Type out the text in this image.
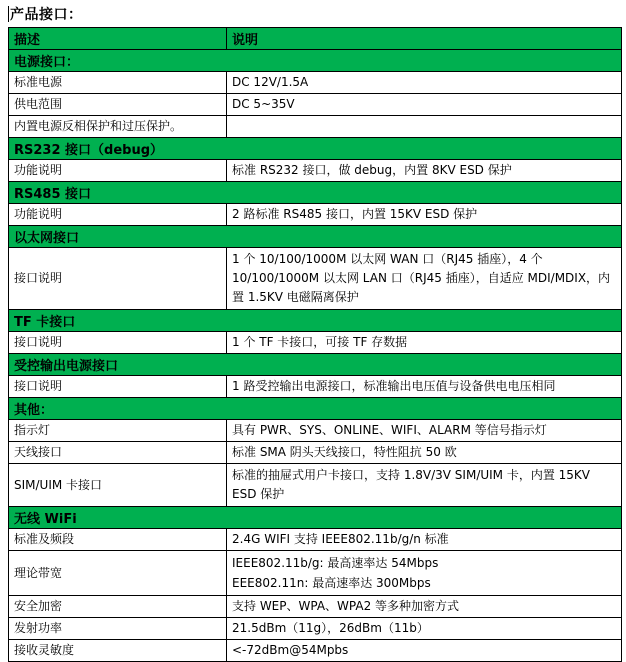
产品接口：
描述	说明
电源接口：	
标准电源	DC 12V/1.5A
供电范围	DC 5~35V
内置电源反相保护和过压保护。	
RS232 接口（debug）	
功能说明	标准 RS232 接口，做 debug，内置 8KV ESD 保护
RS485 接口	
功能说明	2 路标准 RS485 接口，内置 15KV ESD 保护
以太网接口	
接口说明	1 个 10/100/1000M 以太网 WAN 口（RJ45 插座），4 个 10/100/1000M 以太网 LAN 口（RJ45 插座），自适应 MDI/MDIX，内置 1.5KV 电磁隔离保护
TF 卡接口	
接口说明	1 个 TF 卡接口，可接 TF 存数据
受控输出电源接口	
接口说明	1 路受控输出电源接口，标准输出电压值与设备供电电压相同
其他：	
指示灯	具有 PWR、SYS、ONLINE、WIFI、ALARM 等信号指示灯
天线接口	标准 SMA 阴头天线接口，特性阻抗 50 欧
SIM/UIM 卡接口	标准的抽屉式用户卡接口，支持 1.8V/3V SIM/UIM 卡，内置 15KV ESD 保护
无线 WiFi	
标准及频段	2.4G WIFI 支持 IEEE802.11b/g/n 标准
理论带宽	IEEE802.11b/g: 最高速率达 54Mbps
EEE802.11n: 最高速率达 300Mbps

安全加密	支持 WEP、WPA、WPA2 等多种加密方式
发射功率	21.5dBm（11g），26dBm（11b）
接收灵敏度	<-72dBm@54Mpbs
